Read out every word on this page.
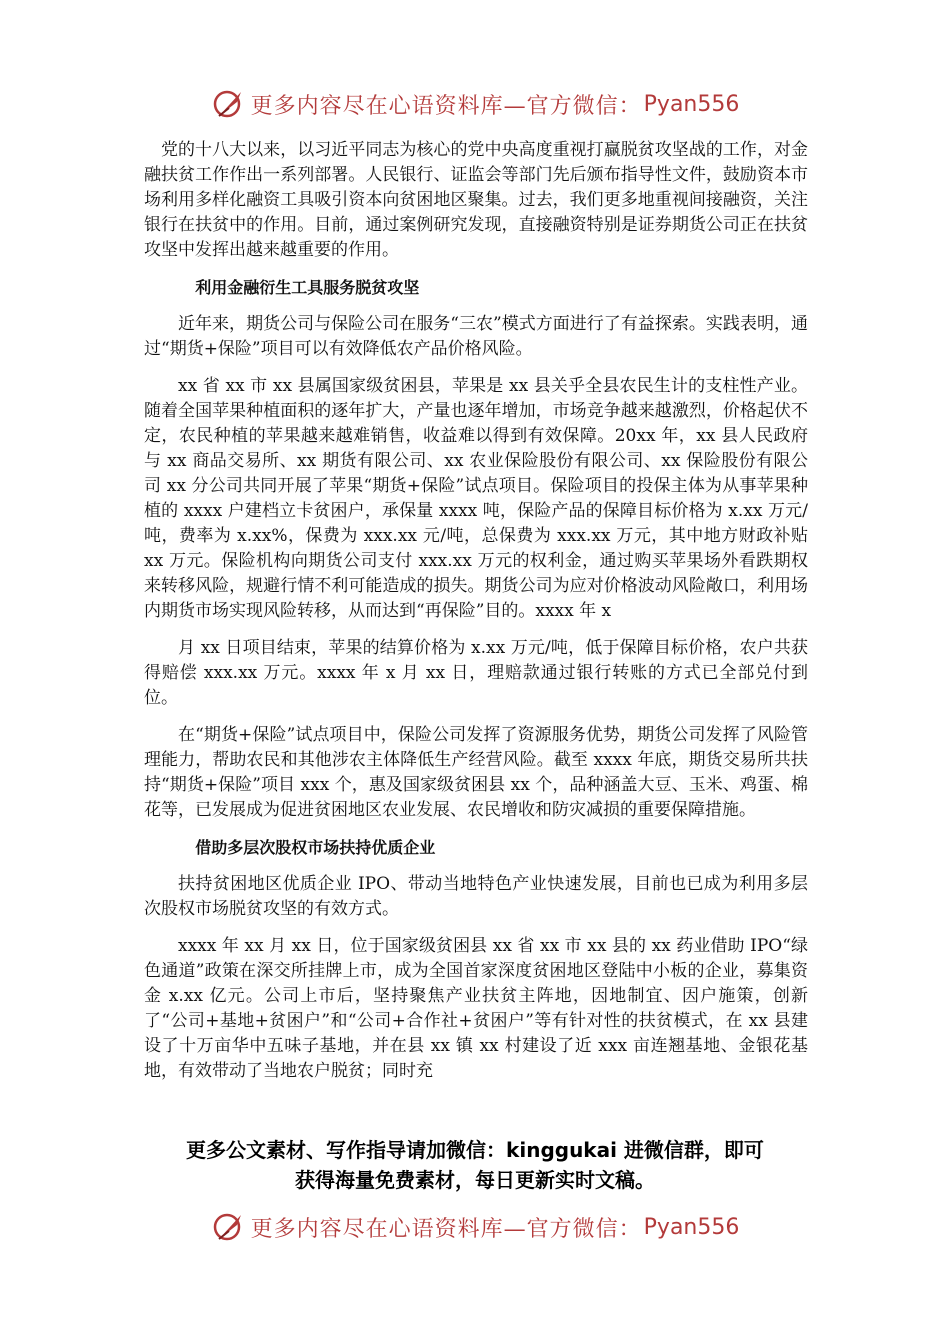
更多内容尽在心语资料库—官方微信： Pyan556

党的十八大以来，以习近平同志为核心的党中央高度重视打赢脱贫攻坚战的工作，对金融扶贫工作作出一系列部署。人民银行、证监会等部门先后颁布指导性文件，鼓励资本市场利用多样化融资工具吸引资本向贫困地区聚集。过去，我们更多地重视间接融资，关注银行在扶贫中的作用。目前，通过案例研究发现，直接融资特别是证券期货公司正在扶贫攻坚中发挥出越来越重要的作用。

利用金融衍生工具服务脱贫攻坚

近年来，期货公司与保险公司在服务“三农”模式方面进行了有益探索。实践表明，通过“期货+保险”项目可以有效降低农产品价格风险。

xx 省 xx 市 xx 县属国家级贫困县，苹果是 xx 县关乎全县农民生计的支柱性产业。随着全国苹果种植面积的逐年扩大，产量也逐年增加，市场竞争越来越激烈，价格起伏不定，农民种植的苹果越来越难销售，收益难以得到有效保障。20xx 年，xx 县人民政府与 xx 商品交易所、xx 期货有限公司、xx 农业保险股份有限公司、xx 保险股份有限公司 xx 分公司共同开展了苹果“期货+保险”试点项目。保险项目的投保主体为从事苹果种植的 xxxx 户建档立卡贫困户，承保量 xxxx 吨，保险产品的保障目标价格为 x.xx 万元/吨，费率为 x.xx%，保费为 xxx.xx 元/吨，总保费为 xxx.xx 万元，其中地方财政补贴 xx 万元。保险机构向期货公司支付 xxx.xx 万元的权利金，通过购买苹果场外看跌期权来转移风险，规避行情不利可能造成的损失。期货公司为应对价格波动风险敞口，利用场内期货市场实现风险转移，从而达到“再保险”目的。xxxx 年 x

月 xx 日项目结束，苹果的结算价格为 x.xx 万元/吨，低于保障目标价格，农户共获得赔偿 xxx.xx 万元。xxxx 年 x 月 xx 日，理赔款通过银行转账的方式已全部兑付到位。

在“期货+保险”试点项目中，保险公司发挥了资源服务优势，期货公司发挥了风险管理能力，帮助农民和其他涉农主体降低生产经营风险。截至 xxxx 年底，期货交易所共扶持“期货+保险”项目 xxx 个，惠及国家级贫困县 xx 个，品种涵盖大豆、玉米、鸡蛋、棉花等，已发展成为促进贫困地区农业发展、农民增收和防灾减损的重要保障措施。

借助多层次股权市场扶持优质企业

扶持贫困地区优质企业 IPO、带动当地特色产业快速发展，目前也已成为利用多层次股权市场脱贫攻坚的有效方式。

xxxx 年 xx 月 xx 日，位于国家级贫困县 xx 省 xx 市 xx 县的 xx 药业借助 IPO“绿色通道”政策在深交所挂牌上市，成为全国首家深度贫困地区登陆中小板的企业，募集资金 x.xx 亿元。公司上市后，坚持聚焦产业扶贫主阵地，因地制宜、因户施策，创新了“公司+基地+贫困户”和“公司+合作社+贫困户”等有针对性的扶贫模式，在 xx 县建设了十万亩华中五味子基地，并在县 xx 镇 xx 村建设了近 xxx 亩连翘基地、金银花基地，有效带动了当地农户脱贫；同时充

更多公文素材、写作指导请加微信：kinggukai 进微信群，即可
获得海量免费素材，每日更新实时文稿。
更多内容尽在心语资料库—官方微信： Pyan556
